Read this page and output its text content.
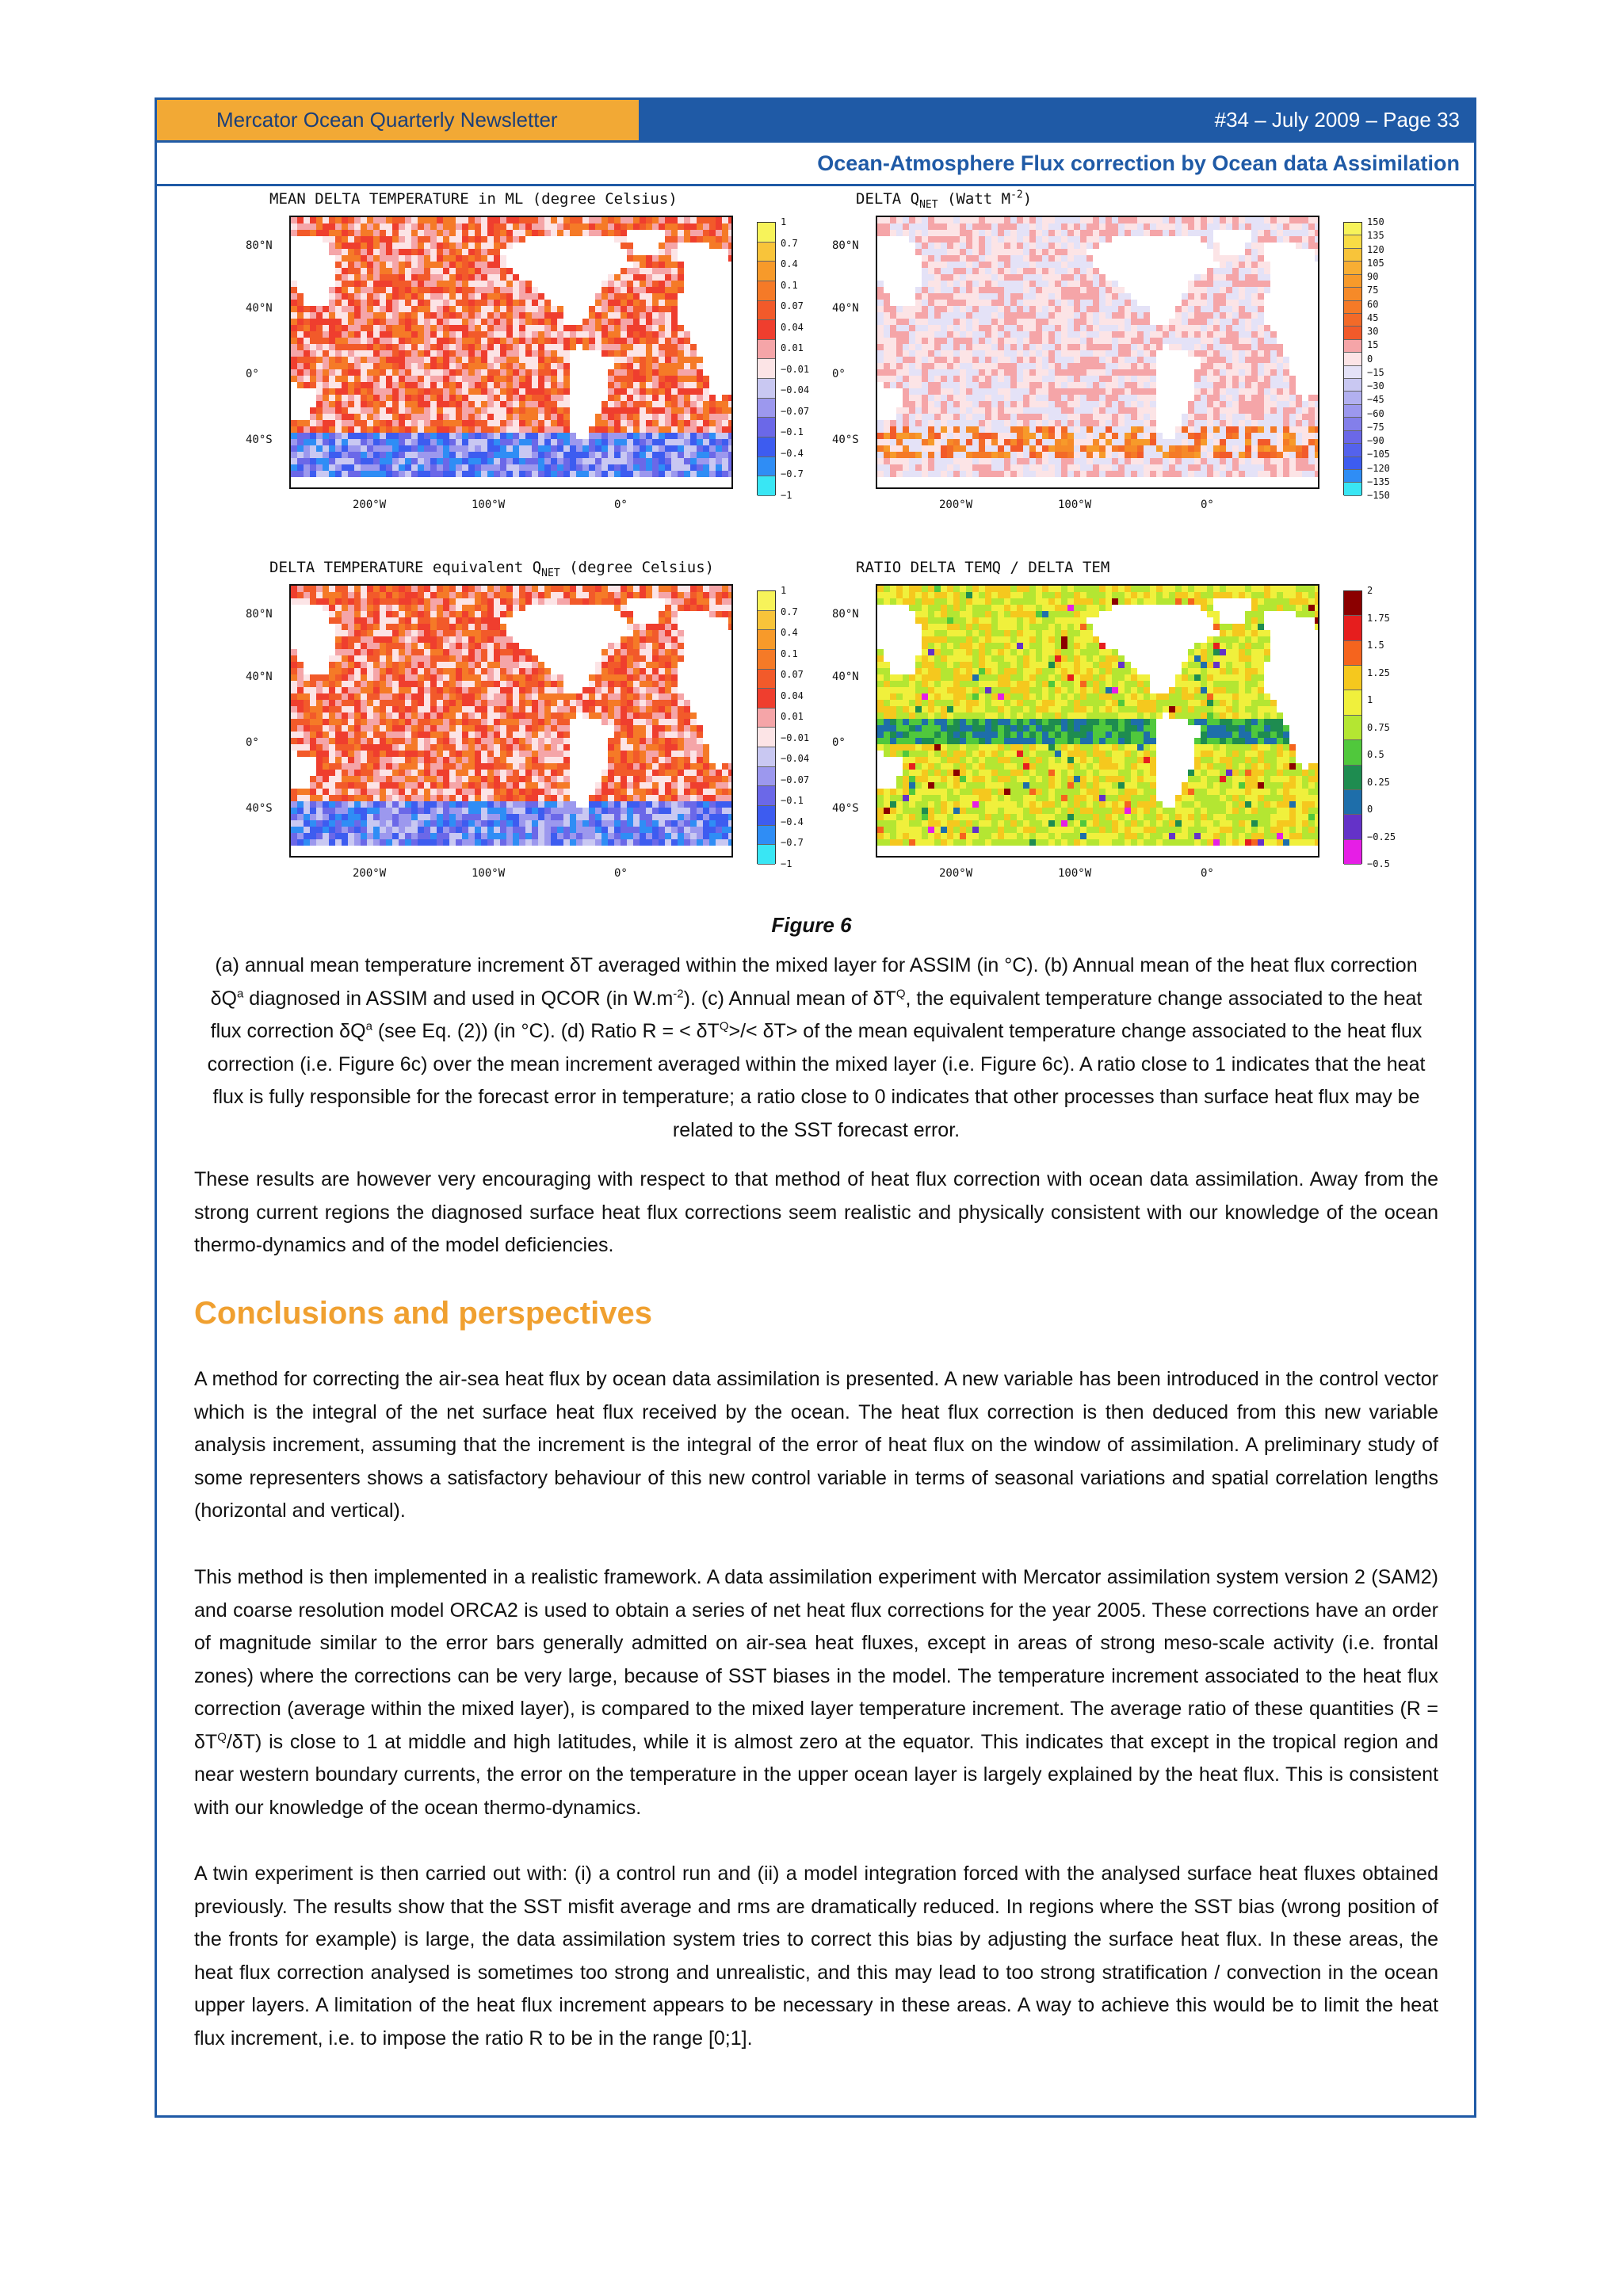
Mercator Ocean Quarterly Newsletter	#34 – July 2009 – Page 33
Ocean-Atmosphere Flux correction by Ocean data Assimilation
MEAN DELTA TEMPERATURE in ML (degree Celsius)
80°N
40°N
0°
40°S
200°W	100°W	0°
1
0.7
0.4
0.1
0.07
0.04
0.01
−0.01
−0.04
−0.07
−0.1
−0.4
−0.7
−1
DELTA $Q_{NET}$ (Watt $M^{-2}$)
80°N
40°N
0°
40°S
200°W	100°W	0°
150
135
120
105
90
75
60
45
30
15
0
−15
−30
−45
−60
−75
−90
−105
−120
−135
−150
DELTA TEMPERATURE equivalent $Q_{NET}$ (degree Celsius)
80°N
40°N
0°
40°S
200°W	100°W	0°
1
0.7
0.4
0.1
0.07
0.04
0.01
−0.01
−0.04
−0.07
−0.1
−0.4
−0.7
−1
RATIO DELTA TEMQ / DELTA TEM
80°N
40°N
0°
40°S
200°W	100°W	0°
2
1.75
1.5
1.25
1
0.75
0.5
0.25
0
−0.25
−0.5
Figure 6
(a) annual mean temperature increment δT averaged within the mixed layer for ASSIM (in °C). (b) Annual mean of the heat flux correction $\delta Q^a$ diagnosed in ASSIM and used in QCOR (in $W.m^{-2}$). (c) Annual mean of $\delta T^Q$, the equivalent temperature change associated to the heat flux correction $\delta Q^a$ (see Eq. (2)) (in °C). (d) Ratio R = < $\delta T^Q>/< \delta T>$ of the mean equivalent temperature change associated to the heat flux correction (i.e. Figure 6c) over the mean increment averaged within the mixed layer (i.e. Figure 6c). A ratio close to 1 indicates that the heat flux is fully responsible for the forecast error in temperature; a ratio close to 0 indicates that other processes than surface heat flux may be related to the SST forecast error.
These results are however very encouraging with respect to that method of heat flux correction with ocean data assimilation. Away from the strong current regions the diagnosed surface heat flux corrections seem realistic and physically consistent with our knowledge of the ocean thermo-dynamics and of the model deficiencies.
Conclusions and perspectives
A method for correcting the air-sea heat flux by ocean data assimilation is presented. A new variable has been introduced in the control vector which is the integral of the net surface heat flux received by the ocean. The heat flux correction is then deduced from this new variable analysis increment, assuming that the increment is the integral of the error of heat flux on the window of assimilation. A preliminary study of some representers shows a satisfactory behaviour of this new control variable in terms of seasonal variations and spatial correlation lengths (horizontal and vertical).
This method is then implemented in a realistic framework. A data assimilation experiment with Mercator assimilation system version 2 (SAM2) and coarse resolution model ORCA2 is used to obtain a series of net heat flux corrections for the year 2005. These corrections have an order of magnitude similar to the error bars generally admitted on air-sea heat fluxes, except in areas of strong meso-scale activity (i.e. frontal zones) where the corrections can be very large, because of SST biases in the model. The temperature increment associated to the heat flux correction (average within the mixed layer), is compared to the mixed layer temperature increment. The average ratio of these quantities $(R = \delta T^Q/\delta T)$ is close to 1 at middle and high latitudes, while it is almost zero at the equator. This indicates that except in the tropical region and near western boundary currents, the error on the temperature in the upper ocean layer is largely explained by the heat flux. This is consistent with our knowledge of the ocean thermo-dynamics.
A twin experiment is then carried out with: (i) a control run and (ii) a model integration forced with the analysed surface heat fluxes obtained previously. The results show that the SST misfit average and rms are dramatically reduced. In regions where the SST bias (wrong position of the fronts for example) is large, the data assimilation system tries to correct this bias by adjusting the surface heat flux. In these areas, the heat flux correction analysed is sometimes too strong and unrealistic, and this may lead to too strong stratification / convection in the ocean upper layers. A limitation of the heat flux increment appears to be necessary in these areas. A way to achieve this would be to limit the heat flux increment, i.e. to impose the ratio R to be in the range [0;1].
